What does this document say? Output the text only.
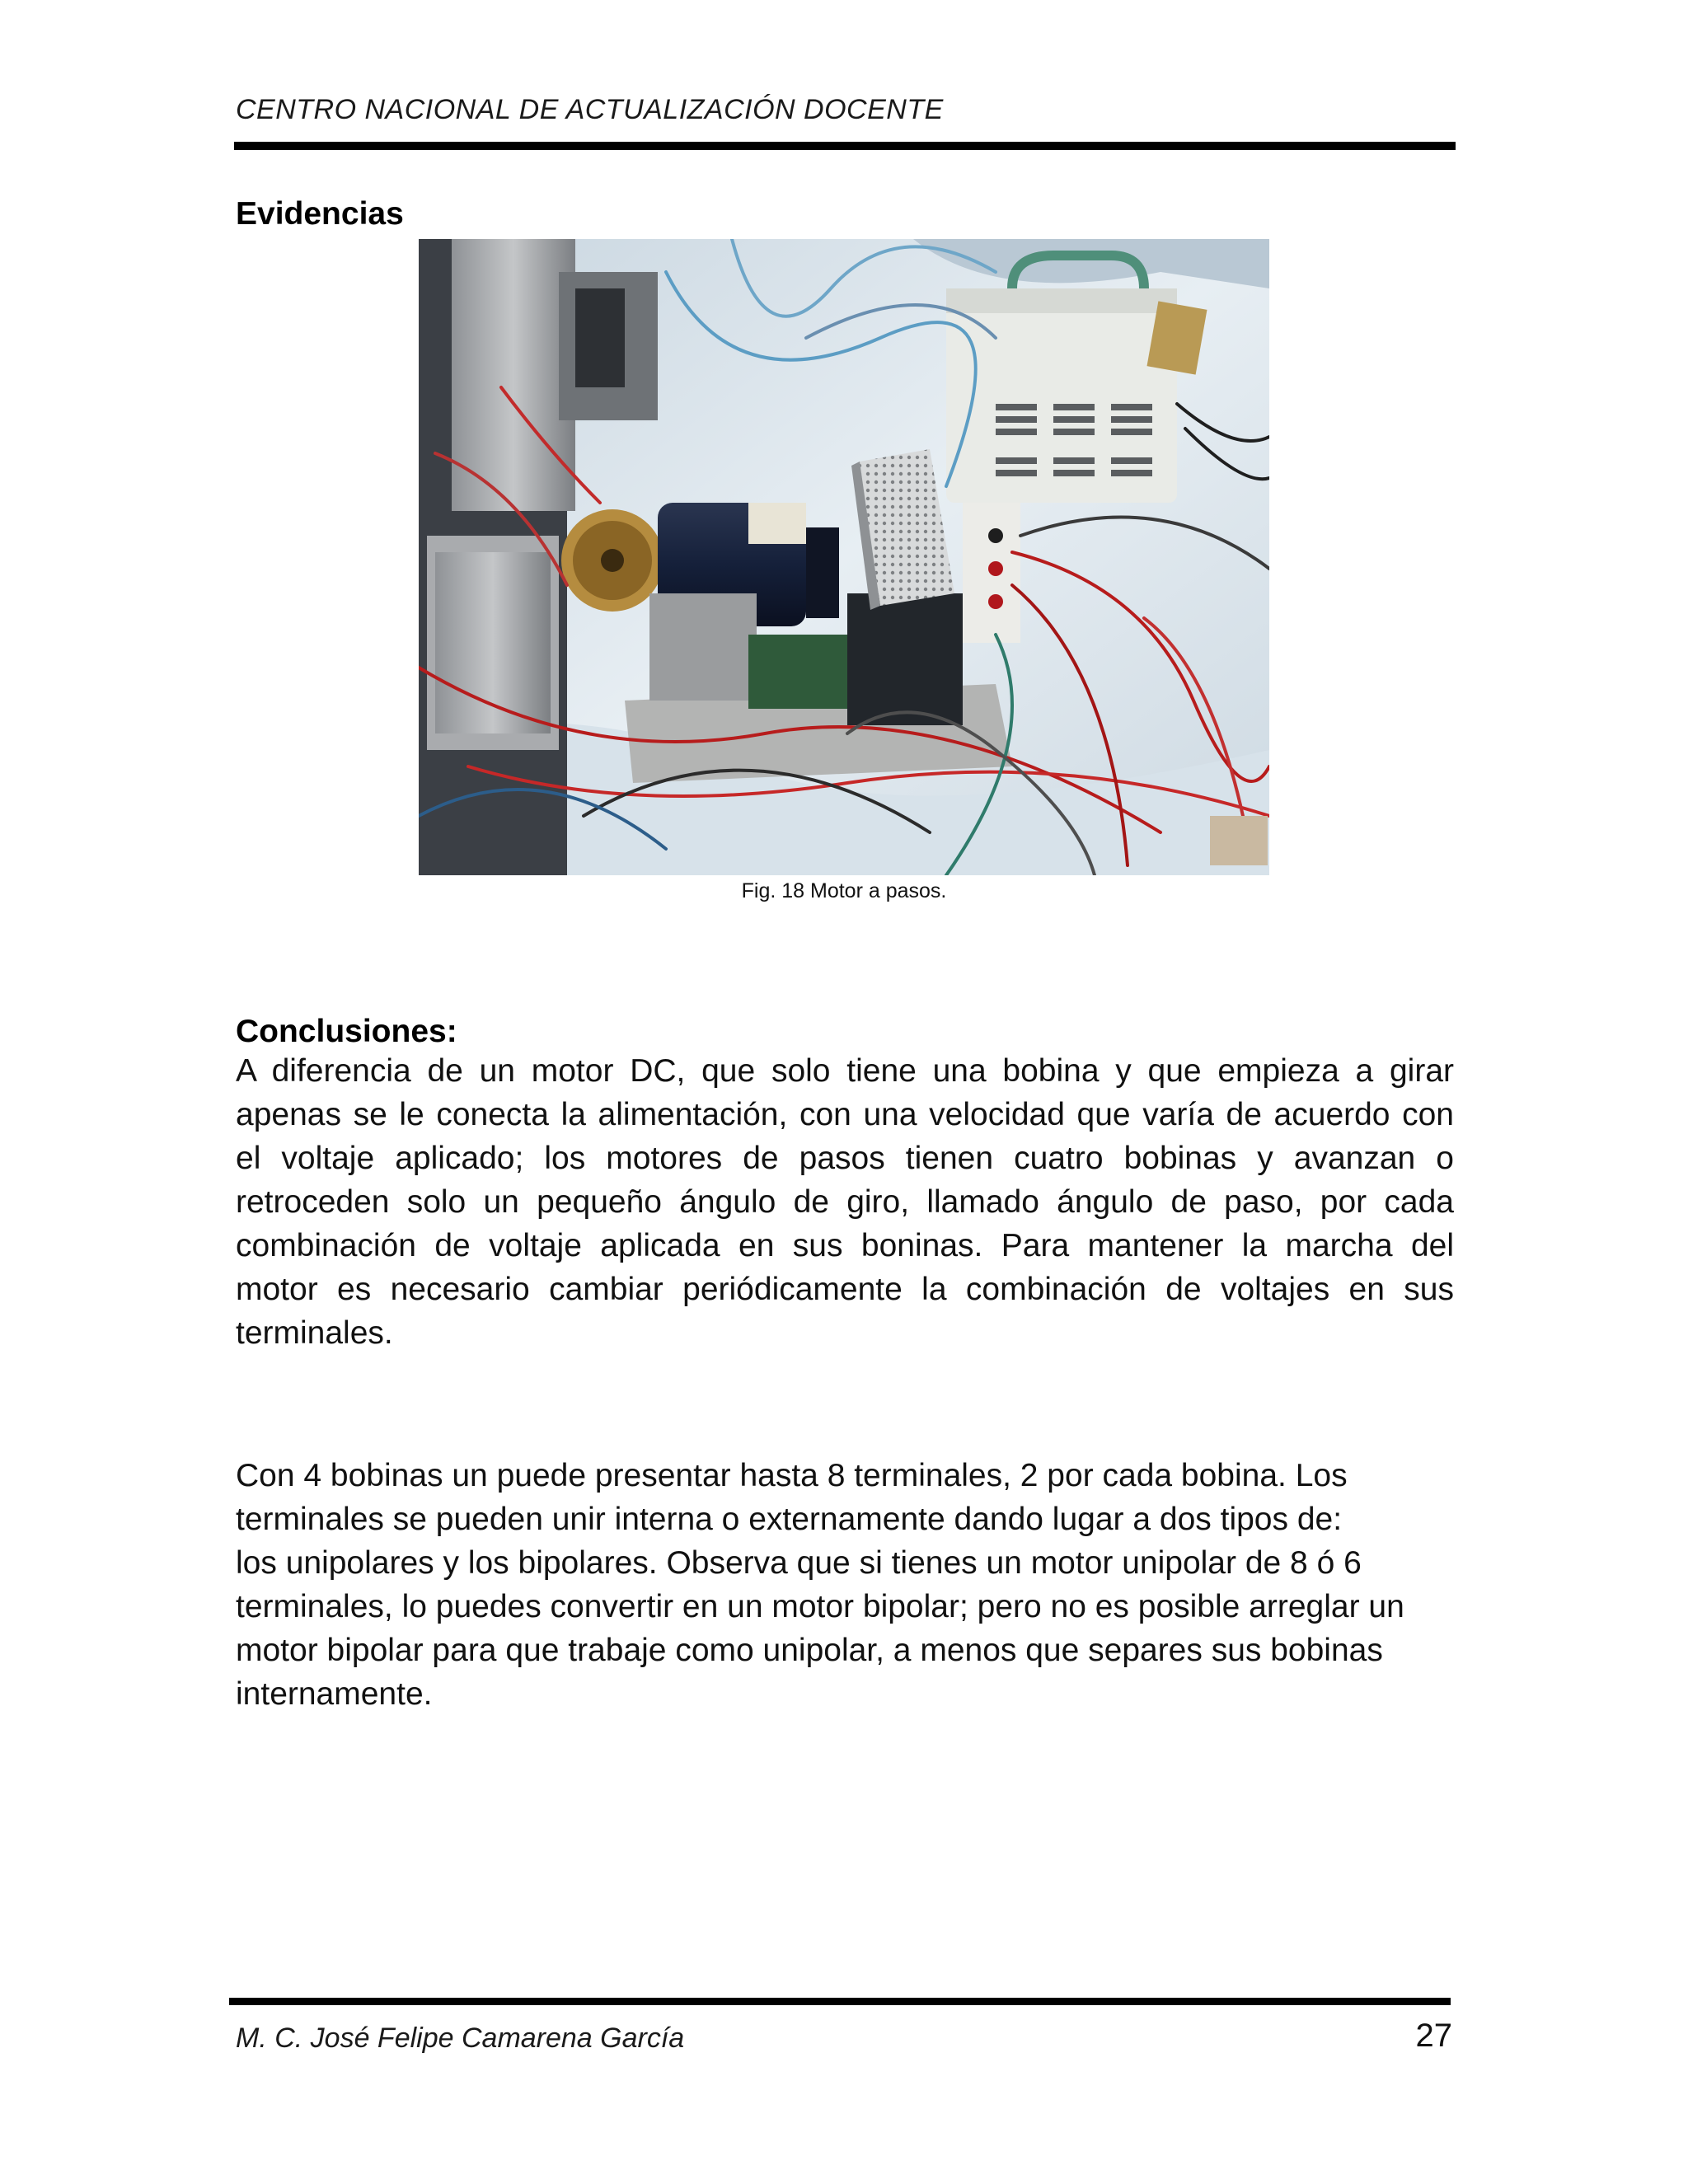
CENTRO NACIONAL DE ACTUALIZACIÓN DOCENTE
Evidencias
Fig. 18 Motor a pasos.
Conclusiones:
A diferencia de un motor DC, que solo tiene una bobina y que empieza a girar
apenas se le conecta la alimentación, con una velocidad que varía de acuerdo con
el voltaje aplicado; los motores de pasos tienen cuatro bobinas y avanzan o
retroceden solo un pequeño ángulo de giro, llamado ángulo de paso, por cada
combinación de voltaje aplicada en sus boninas. Para mantener la marcha del
motor es necesario cambiar periódicamente la combinación de voltajes en sus
terminales.
Con 4 bobinas un puede presentar hasta 8 terminales, 2 por cada bobina. Los
terminales se pueden unir interna o externamente dando lugar a dos tipos de:
los unipolares y los bipolares. Observa que si tienes un motor unipolar de 8 ó 6
terminales, lo puedes convertir en un motor bipolar; pero no es posible arreglar un
motor bipolar para que trabaje como unipolar, a menos que separes sus bobinas
internamente.
M. C. José Felipe Camarena García	27
